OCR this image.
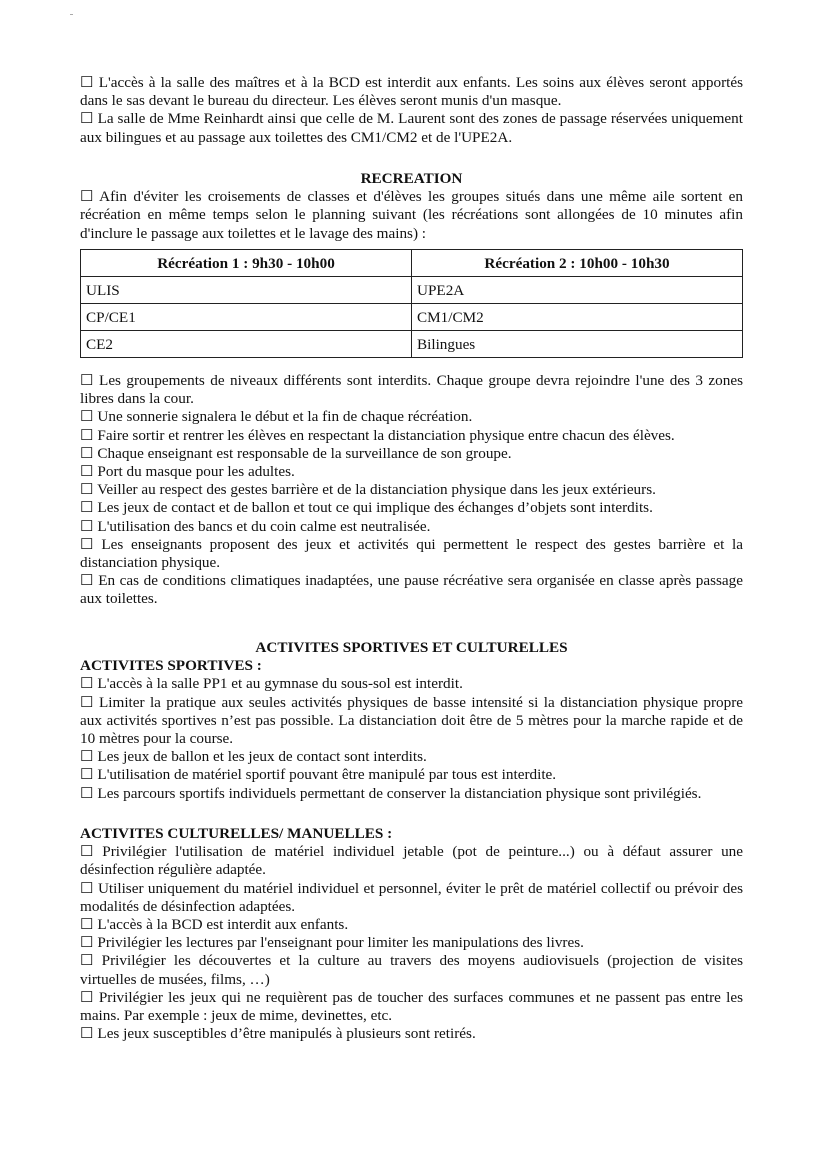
☐ L'accès à la salle des maîtres et à la BCD est interdit aux enfants. Les soins aux élèves seront apportés dans le sas devant le bureau du directeur. Les élèves seront munis d'un masque.

☐ La salle de Mme Reinhardt ainsi que celle de M. Laurent sont des zones de passage réservées uniquement aux bilingues et au passage aux toilettes des CM1/CM2 et de l'UPE2A.

RECREATION

☐ Afin d'éviter les croisements de classes et d'élèves les groupes situés dans une même aile sortent en récréation en même temps selon le planning suivant (les récréations sont allongées de 10 minutes afin d'inclure le passage aux toilettes et le lavage des mains) :

Récréation 1 : 9h30 - 10h00	Récréation 2 : 10h00 - 10h30
ULIS	UPE2A
CP/CE1	CM1/CM2
CE2	Bilingues

☐ Les groupements de niveaux différents sont interdits. Chaque groupe devra rejoindre l'une des 3 zones libres dans la cour.

☐ Une sonnerie signalera le début et la fin de chaque récréation.

☐ Faire sortir et rentrer les élèves en respectant la distanciation physique entre chacun des élèves.

☐ Chaque enseignant est responsable de la surveillance de son groupe.

☐ Port du masque pour les adultes.

☐ Veiller au respect des gestes barrière et de la distanciation physique dans les jeux extérieurs.

☐ Les jeux de contact et de ballon et tout ce qui implique des échanges d’objets sont interdits.

☐ L'utilisation des bancs et du coin calme est neutralisée.

☐ Les enseignants proposent des jeux et activités qui permettent le respect des gestes barrière et la distanciation physique.

☐ En cas de conditions climatiques inadaptées, une pause récréative sera organisée en classe après passage aux toilettes.

ACTIVITES SPORTIVES ET CULTURELLES

ACTIVITES SPORTIVES :

☐ L'accès à la salle PP1 et au gymnase du sous-sol est interdit.

☐ Limiter la pratique aux seules activités physiques de basse intensité si la distanciation physique propre aux activités sportives n’est pas possible. La distanciation doit être de 5 mètres pour la marche rapide et de 10 mètres pour la course.

☐ Les jeux de ballon et les jeux de contact sont interdits.

☐ L'utilisation de matériel sportif pouvant être manipulé par tous est interdite.

☐ Les parcours sportifs individuels permettant de conserver la distanciation physique sont privilégiés.

ACTIVITES CULTURELLES/ MANUELLES :

☐ Privilégier l'utilisation de matériel individuel jetable (pot de peinture...) ou à défaut assurer une désinfection régulière adaptée.

☐ Utiliser uniquement du matériel individuel et personnel, éviter le prêt de matériel collectif ou prévoir des modalités de désinfection adaptées.

☐ L'accès à la BCD est interdit aux enfants.

☐ Privilégier les lectures par l'enseignant pour limiter les manipulations des livres.

☐ Privilégier les découvertes et la culture au travers des moyens audiovisuels (projection de visites virtuelles de musées, films, …)

☐ Privilégier les jeux qui ne requièrent pas de toucher des surfaces communes et ne passent pas entre les mains. Par exemple : jeux de mime, devinettes, etc.

☐ Les jeux susceptibles d’être manipulés à plusieurs sont retirés.
